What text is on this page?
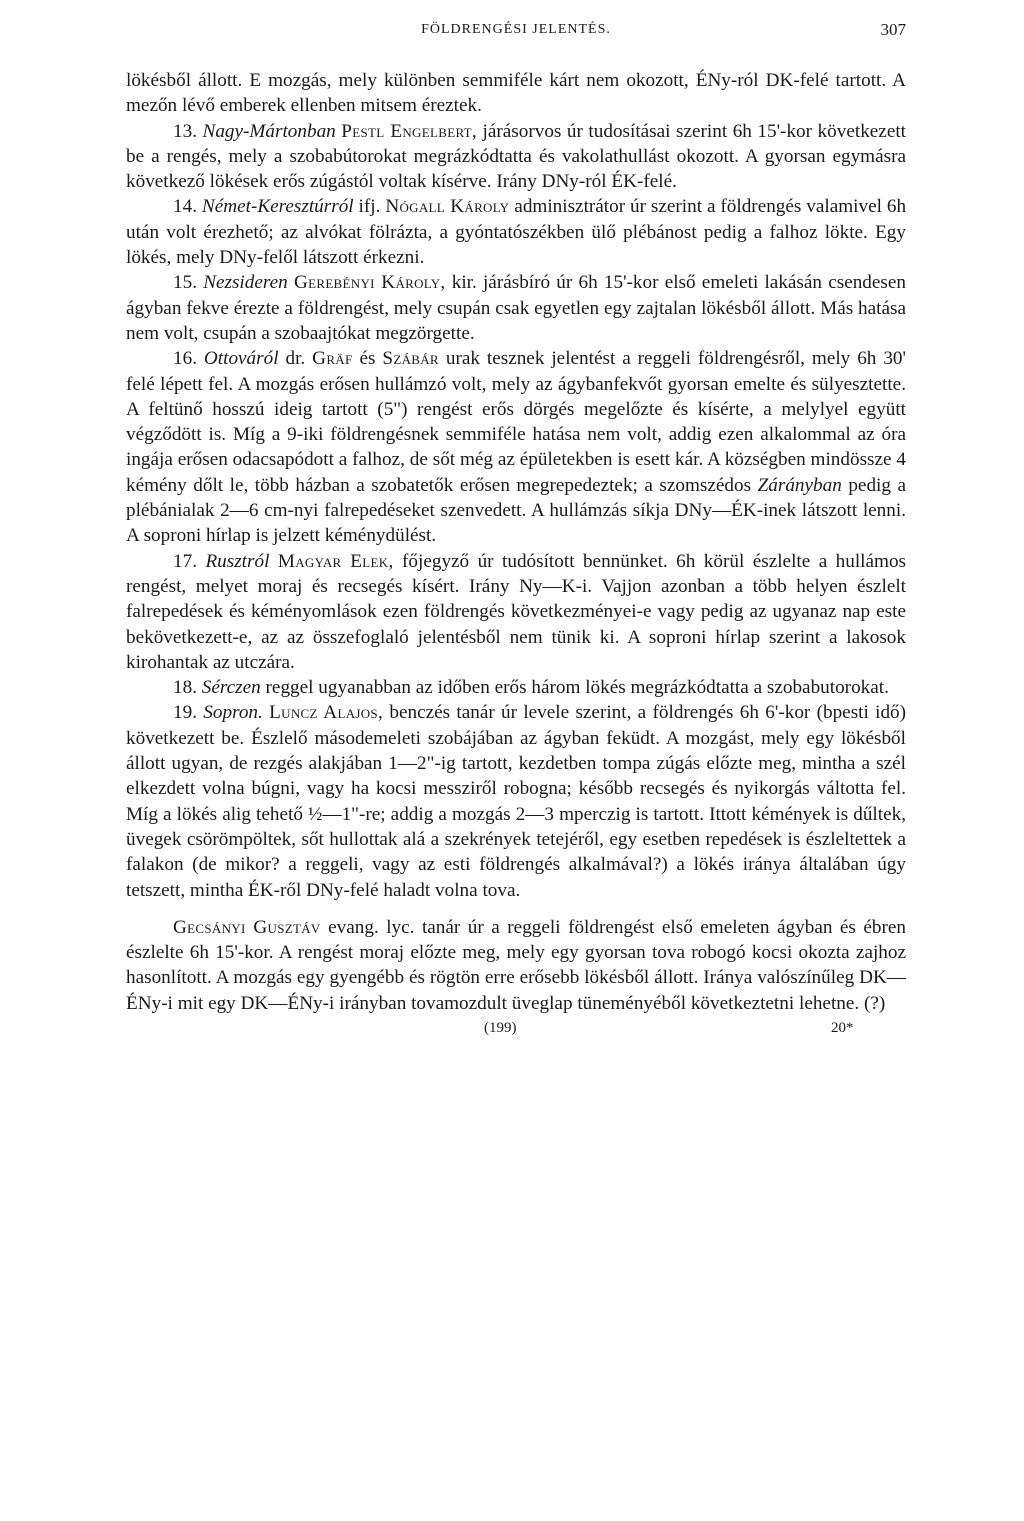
FÖLDRENGÉSI JELENTÉS.	307

lökésből állott. E mozgás, mely különben semmiféle kárt nem okozott, ÉNy-ról DK-felé tartott. A mezőn lévő emberek ellenben mitsem éreztek.

13. Nagy-Mártonban Pestl Engelbert, járásorvos úr tudosításai szerint 6h 15'-kor következett be a rengés, mely a szobabútorokat megrázkódtatta és vakolathullást okozott. A gyorsan egymásra következő lökések erős zúgástól voltak kísérve. Irány DNy-ról ÉK-felé.

14. Német-Keresztúrról ifj. Nógall Károly adminisztrátor úr szerint a földrengés valamivel 6h után volt érezhető; az alvókat fölrázta, a gyóntatószékben ülő plébánost pedig a falhoz lökte. Egy lökés, mely DNy-felől látszott érkezni.

15. Nezsideren Gerebényi Károly, kir. járásbíró úr 6h 15'-kor első emeleti lakásán csendesen ágyban fekve érezte a földrengést, mely csupán csak egyetlen egy zajtalan lökésből állott. Más hatása nem volt, csupán a szobaajtókat megzörgette.

16. Ottováról dr. Gräf és Szábár urak tesznek jelentést a reggeli földrengésről, mely 6h 30' felé lépett fel. A mozgás erősen hullámzó volt, mely az ágybanfekvőt gyorsan emelte és sülyesztette. A feltünő hosszú ideig tartott (5") rengést erős dörgés megelőzte és kísérte, a melylyel együtt végződött is. Míg a 9-iki földrengésnek semmiféle hatása nem volt, addig ezen alkalommal az óra ingája erősen odacsapódott a falhoz, de sőt még az épületekben is esett kár. A községben mindössze 4 kémény dőlt le, több házban a szobatetők erősen megrepedeztek; a szomszédos Zárányban pedig a plébánialak 2—6 cm-nyi falrepedéseket szenvedett. A hullámzás síkja DNy—ÉK-inek látszott lenni. A soproni hírlap is jelzett kéménydülést.

17. Rusztról Magyar Elek, főjegyző úr tudósított bennünket. 6h körül észlelte a hullámos rengést, melyet moraj és recsegés kísért. Irány Ny—K-i. Vajjon azonban a több helyen észlelt falrepedések és kéményomlások ezen földrengés következményei-e vagy pedig az ugyanaz nap este bekövetkezett-e, az az összefoglaló jelentésből nem tünik ki. A soproni hírlap szerint a lakosok kirohantak az utczára.

18. Sérczen reggel ugyanabban az időben erős három lökés megrázkódtatta a szobabutorokat.

19. Sopron. Luncz Alajos, benczés tanár úr levele szerint, a földrengés 6h 6'-kor (bpesti idő) következett be. Észlelő másodemeleti szobájában az ágyban feküdt. A mozgást, mely egy lökésből állott ugyan, de rezgés alakjában 1—2"-ig tartott, kezdetben tompa zúgás előzte meg, mintha a szél elkezdett volna búgni, vagy ha kocsi messziről robogna; később recsegés és nyikorgás váltotta fel. Míg a lökés alig tehető ½—1"-re; addig a mozgás 2—3 mperczig is tartott. Ittott kémények is dűltek, üvegek csörömpöltek, sőt hullottak alá a szekrények tetejéről, egy esetben repedések is észleltettek a falakon (de mikor? a reggeli, vagy az esti földrengés alkalmával?) a lökés iránya általában úgy tetszett, mintha ÉK-ről DNy-felé haladt volna tova.

Gecsányi Gusztáv evang. lyc. tanár úr a reggeli földrengést első emeleten ágyban és ébren észlelte 6h 15'-kor. A rengést moraj előzte meg, mely egy gyorsan tova robogó kocsi okozta zajhoz hasonlított. A mozgás egy gyengébb és rögtön erre erősebb lökésből állott. Iránya valószínűleg DK—ÉNy-i mit egy DK—ÉNy-i irányban tovamozdult üveglap tüneményéből következtetni lehetne. (?)

(199)	20*
